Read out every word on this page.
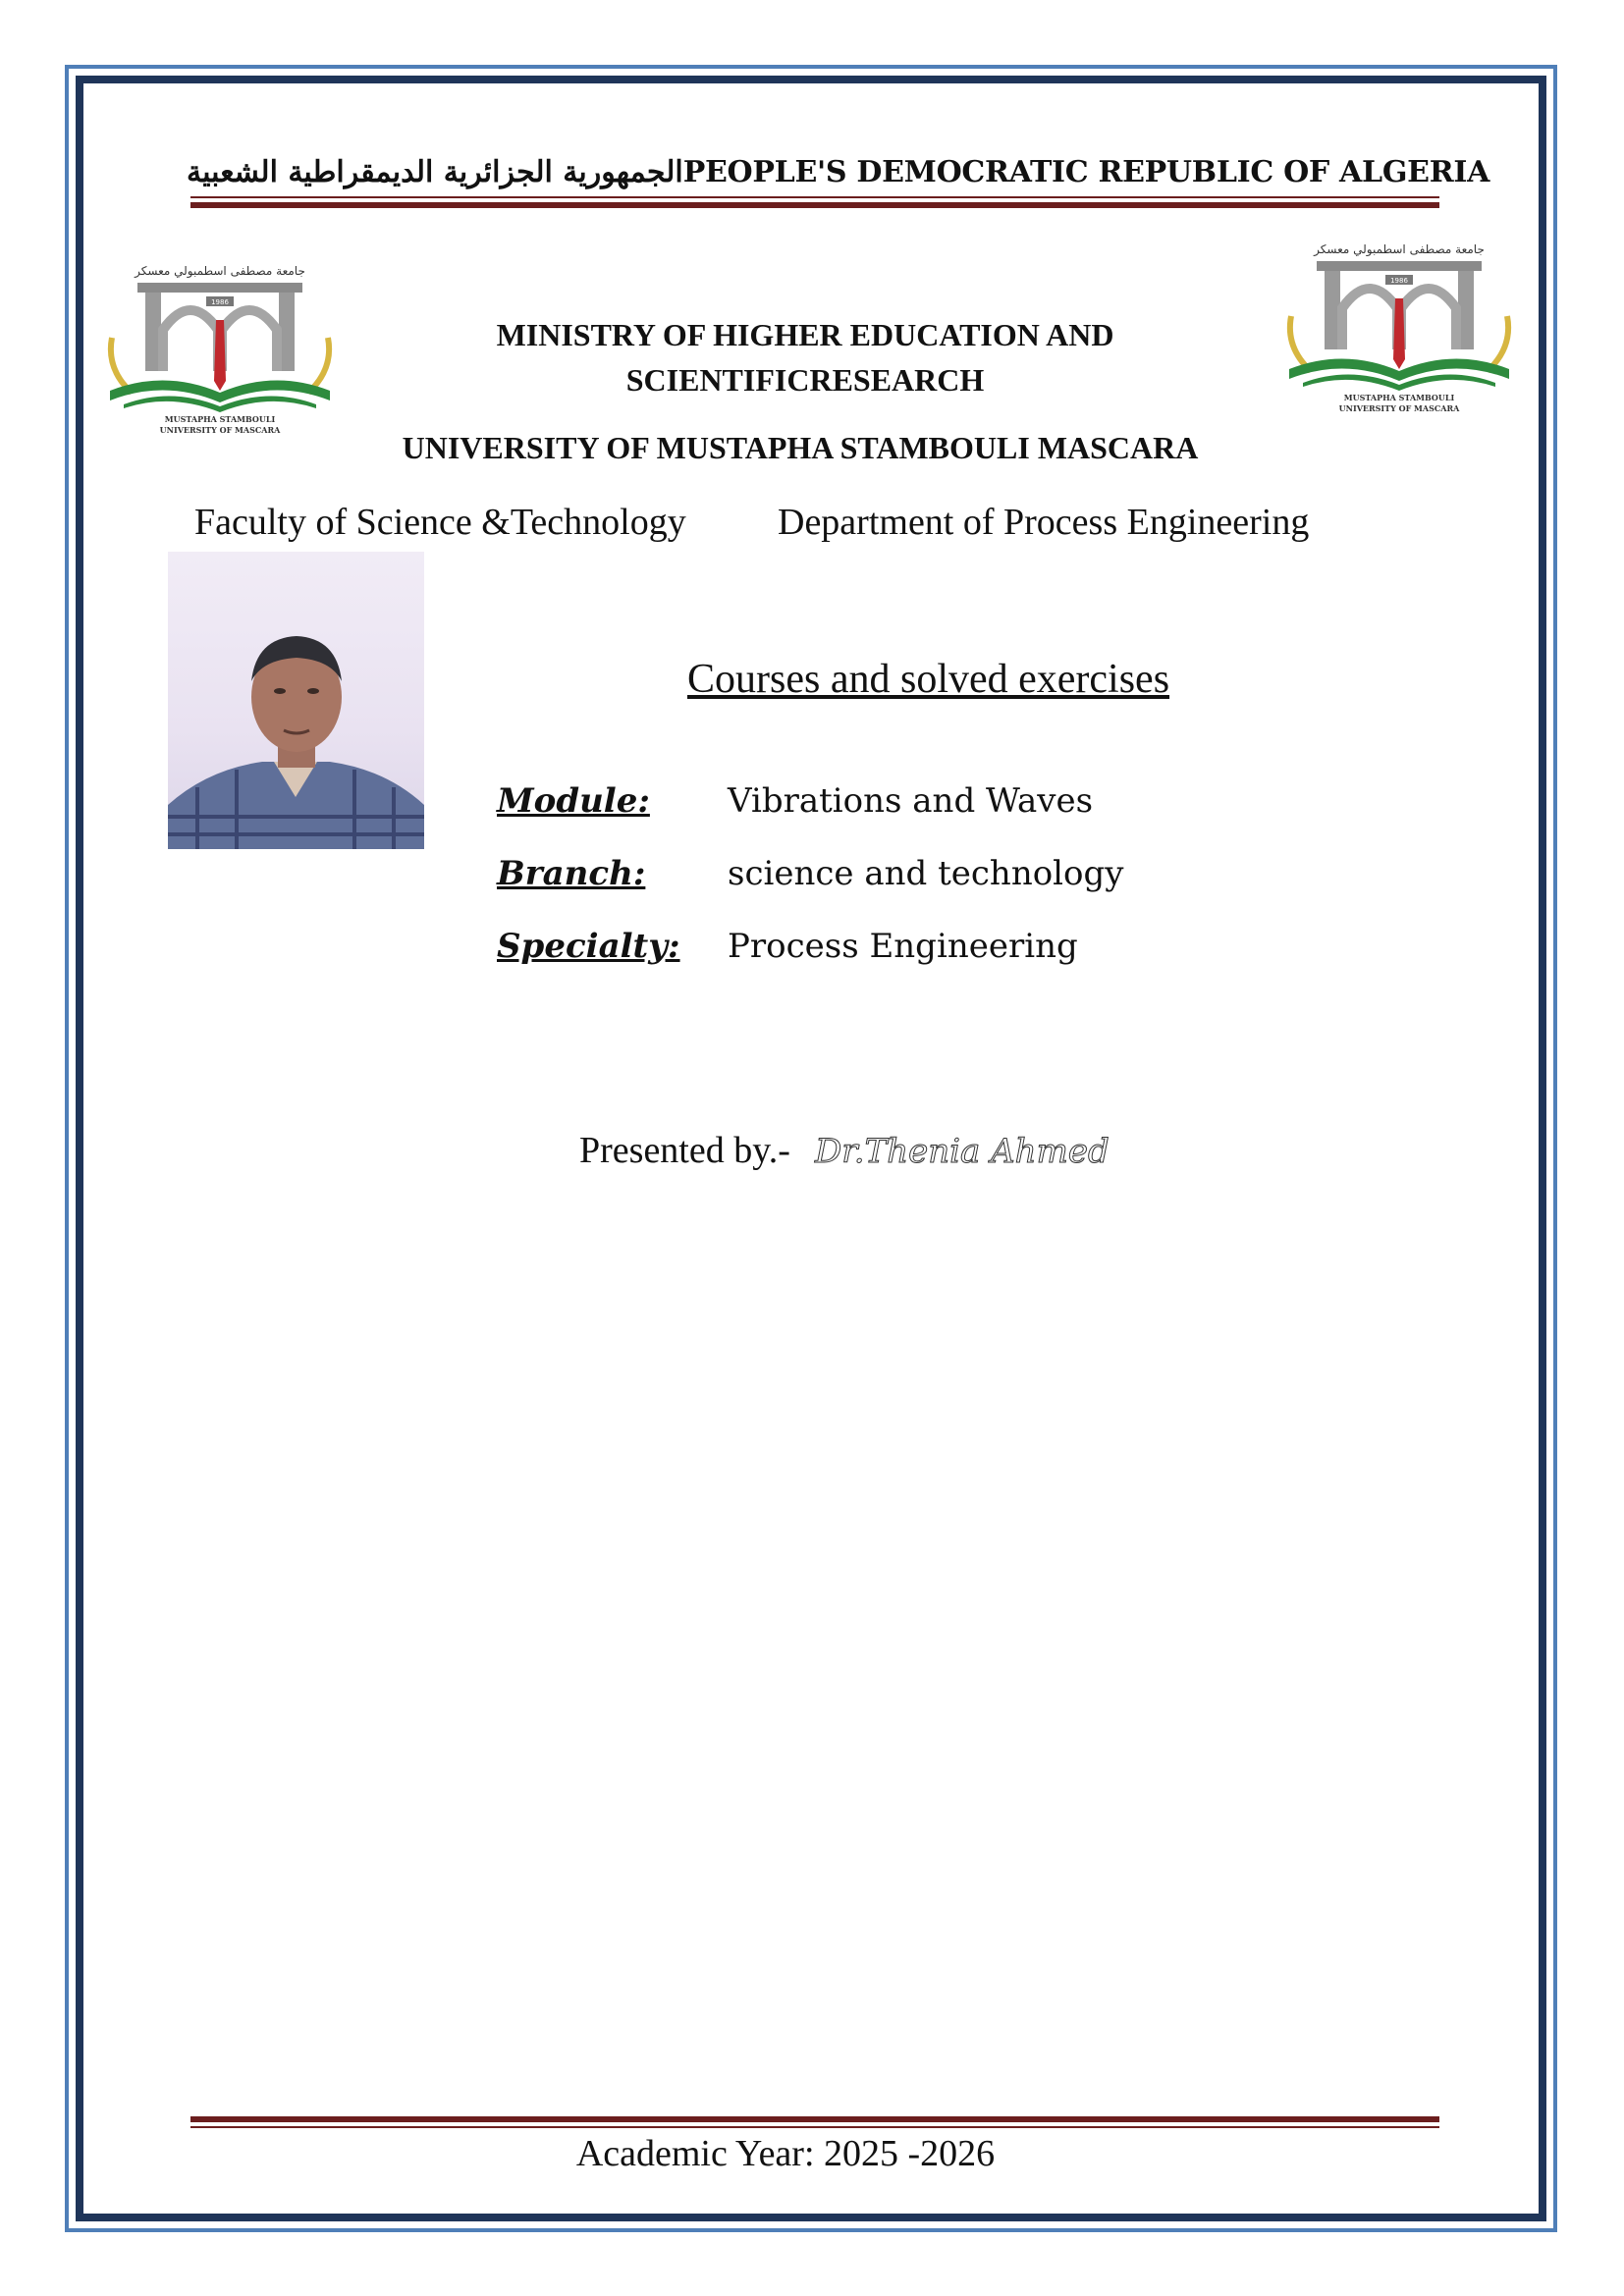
الجمهورية الجزائرية الديمقراطية الشعبيةPEOPLE'S DEMOCRATIC REPUBLIC OF ALGERIA
جامعة مصطفى اسطمبولي معسكر
1986
MUSTAPHA STAMBOULI
UNIVERSITY OF MASCARA
جامعة مصطفى اسطمبولي معسكر
1986
MUSTAPHA STAMBOULI
UNIVERSITY OF MASCARA
MINISTRY OF HIGHER EDUCATION AND
SCIENTIFICRESEARCH
UNIVERSITY OF MUSTAPHA STAMBOULI MASCARA
Faculty of Science &Technology Department of Process Engineering
Courses and solved exercises
Module: Vibrations and Waves
Branch: science and technology
Specialty: Process Engineering
Presented by.- Dr.Thenia Ahmed
Academic Year: 2025 -2026
